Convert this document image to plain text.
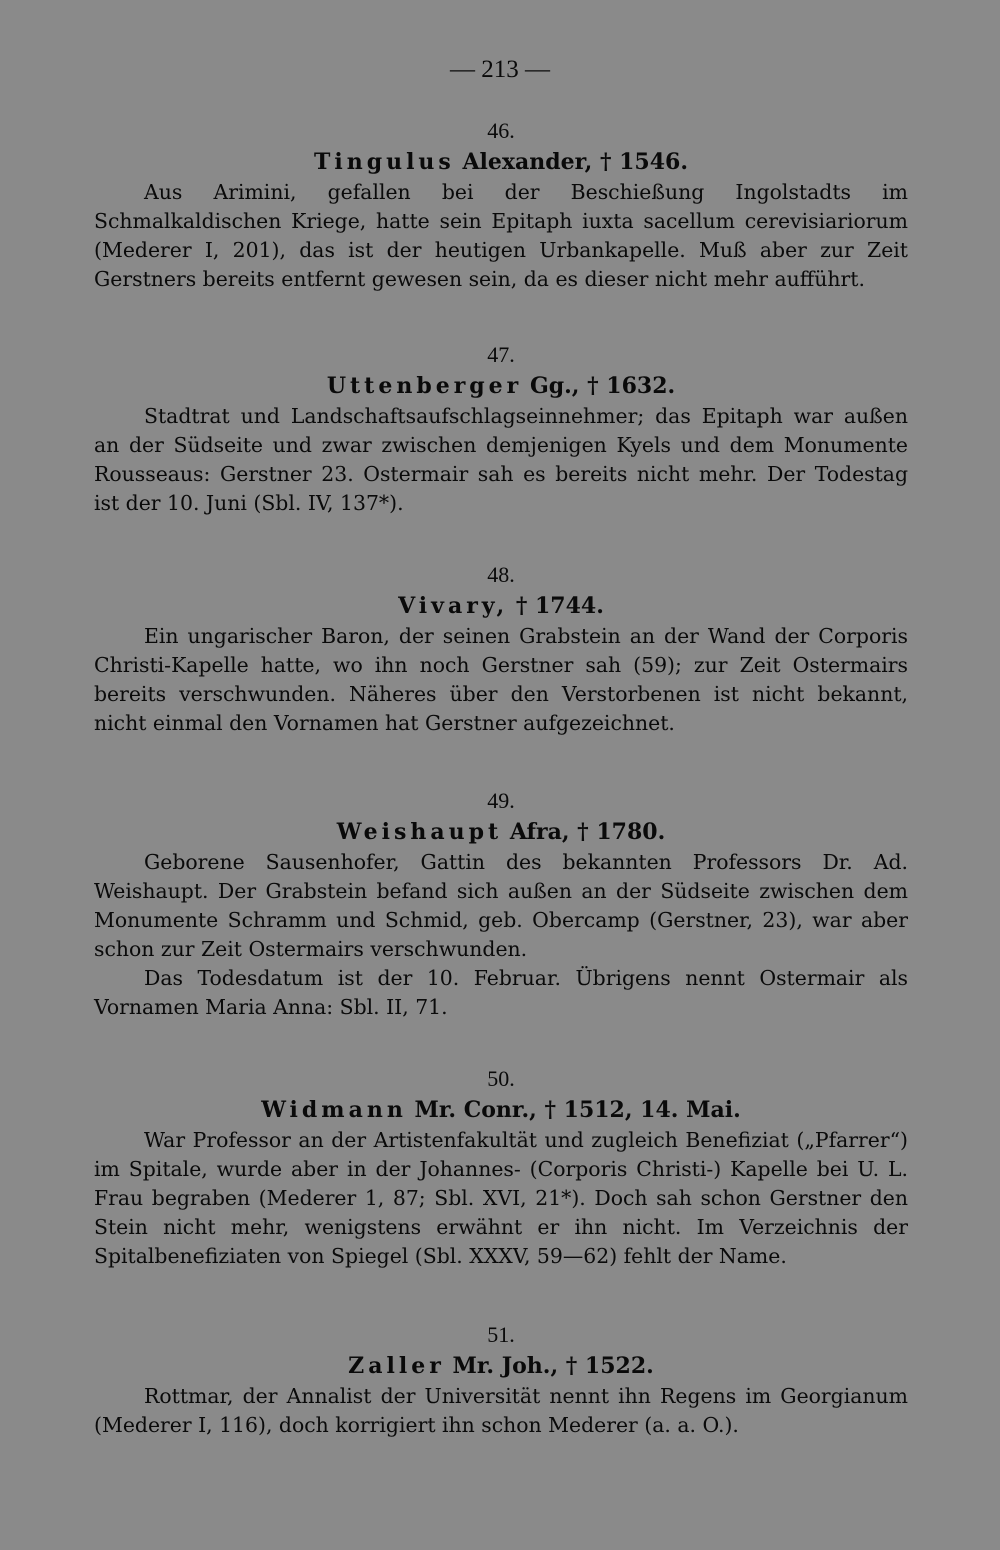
— 213 —
46.
Tingulus Alexander, † 1546.

Aus Arimini, gefallen bei der Beschießung Ingolstadts im Schmalkaldischen Kriege, hatte sein Epitaph iuxta sacellum cerevisiariorum (Mederer I, 201), das ist der heutigen Urbankapelle. Muß aber zur Zeit Gerstners bereits entfernt gewesen sein, da es dieser nicht mehr aufführt.

47.
Uttenberger Gg., † 1632.

Stadtrat und Landschaftsaufschlagseinnehmer; das Epitaph war außen an der Südseite und zwar zwischen demjenigen Kyels und dem Monumente Rousseaus: Gerstner 23. Ostermair sah es bereits nicht mehr. Der Todestag ist der 10. Juni (Sbl. IV, 137*).

48.
Vivary, † 1744.

Ein ungarischer Baron, der seinen Grabstein an der Wand der Corporis Christi-Kapelle hatte, wo ihn noch Gerstner sah (59); zur Zeit Ostermairs bereits verschwunden. Näheres über den Verstorbenen ist nicht bekannt, nicht einmal den Vornamen hat Gerstner aufgezeichnet.

49.
Weishaupt Afra, † 1780.

Geborene Sausenhofer, Gattin des bekannten Professors Dr. Ad. Weishaupt. Der Grabstein befand sich außen an der Südseite zwischen dem Monumente Schramm und Schmid, geb. Obercamp (Gerstner, 23), war aber schon zur Zeit Ostermairs verschwunden.

Das Todesdatum ist der 10. Februar. Übrigens nennt Ostermair als Vornamen Maria Anna: Sbl. II, 71.

50.
Widmann Mr. Conr., † 1512, 14. Mai.

War Professor an der Artistenfakultät und zugleich Benefiziat („Pfarrer“) im Spitale, wurde aber in der Johannes- (Corporis Christi-) Kapelle bei U. L. Frau begraben (Mederer 1, 87; Sbl. XVI, 21*). Doch sah schon Gerstner den Stein nicht mehr, wenigstens erwähnt er ihn nicht. Im Verzeichnis der Spitalbenefiziaten von Spiegel (Sbl. XXXV, 59—62) fehlt der Name.

51.
Zaller Mr. Joh., † 1522.

Rottmar, der Annalist der Universität nennt ihn Regens im Georgianum (Mederer I, 116), doch korrigiert ihn schon Mederer (a. a. O.).
